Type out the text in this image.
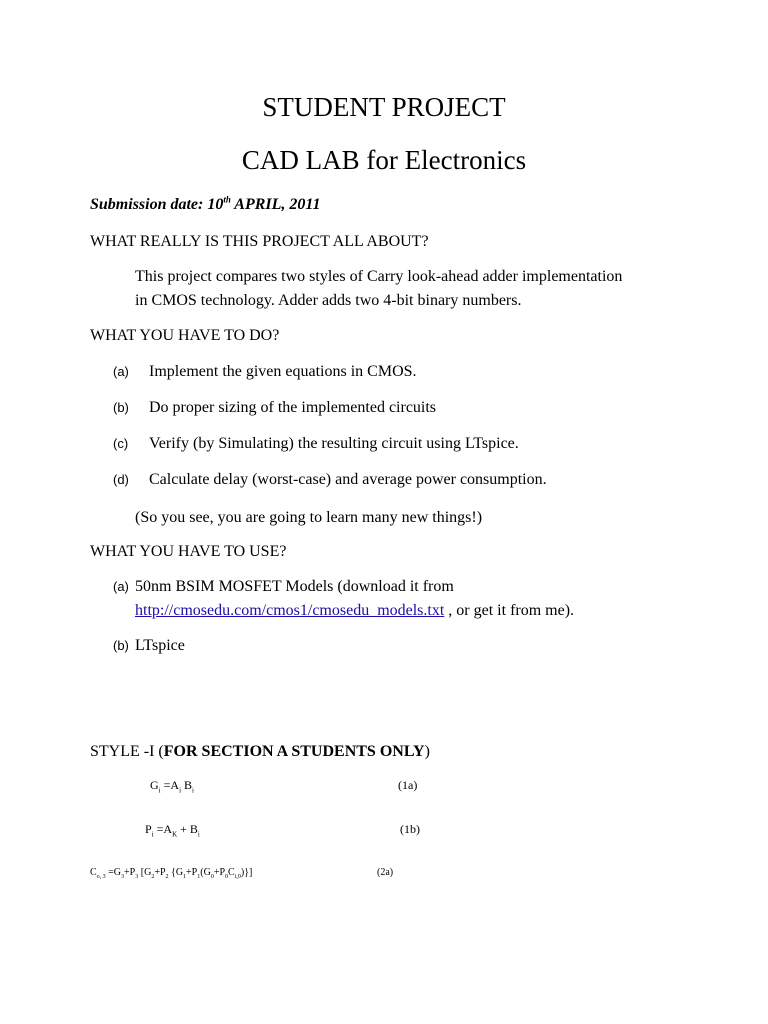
STUDENT PROJECT
CAD LAB for Electronics
Submission date: 10th APRIL, 2011
WHAT REALLY IS THIS PROJECT ALL ABOUT?
This project compares two styles of Carry look-ahead adder implementation
in CMOS technology. Adder adds two 4-bit binary numbers.
WHAT YOU HAVE TO DO?
(a) Implement the given equations in CMOS.
(b) Do proper sizing of the implemented circuits
(c) Verify (by Simulating) the resulting circuit using LTspice.
(d) Calculate delay (worst-case) and average power consumption.
(So you see, you are going to learn many new things!)
WHAT YOU HAVE TO USE?
(a) 50nm BSIM MOSFET Models (download it from
http://cmosedu.com/cmos1/cmosedu_models.txt , or get it from me).
(b) LTspice
STYLE -I (FOR SECTION A STUDENTS ONLY)
$G_i =A_i$ $B_i$	(1a)
$P_i =A_K + B_i$	(1b)
$C_{o, 3} =G_3+P_3$ [$G_2+P_2$ $\{G_1+P_1(G_0+P_0C_{i,0})\}$]	(2a)
